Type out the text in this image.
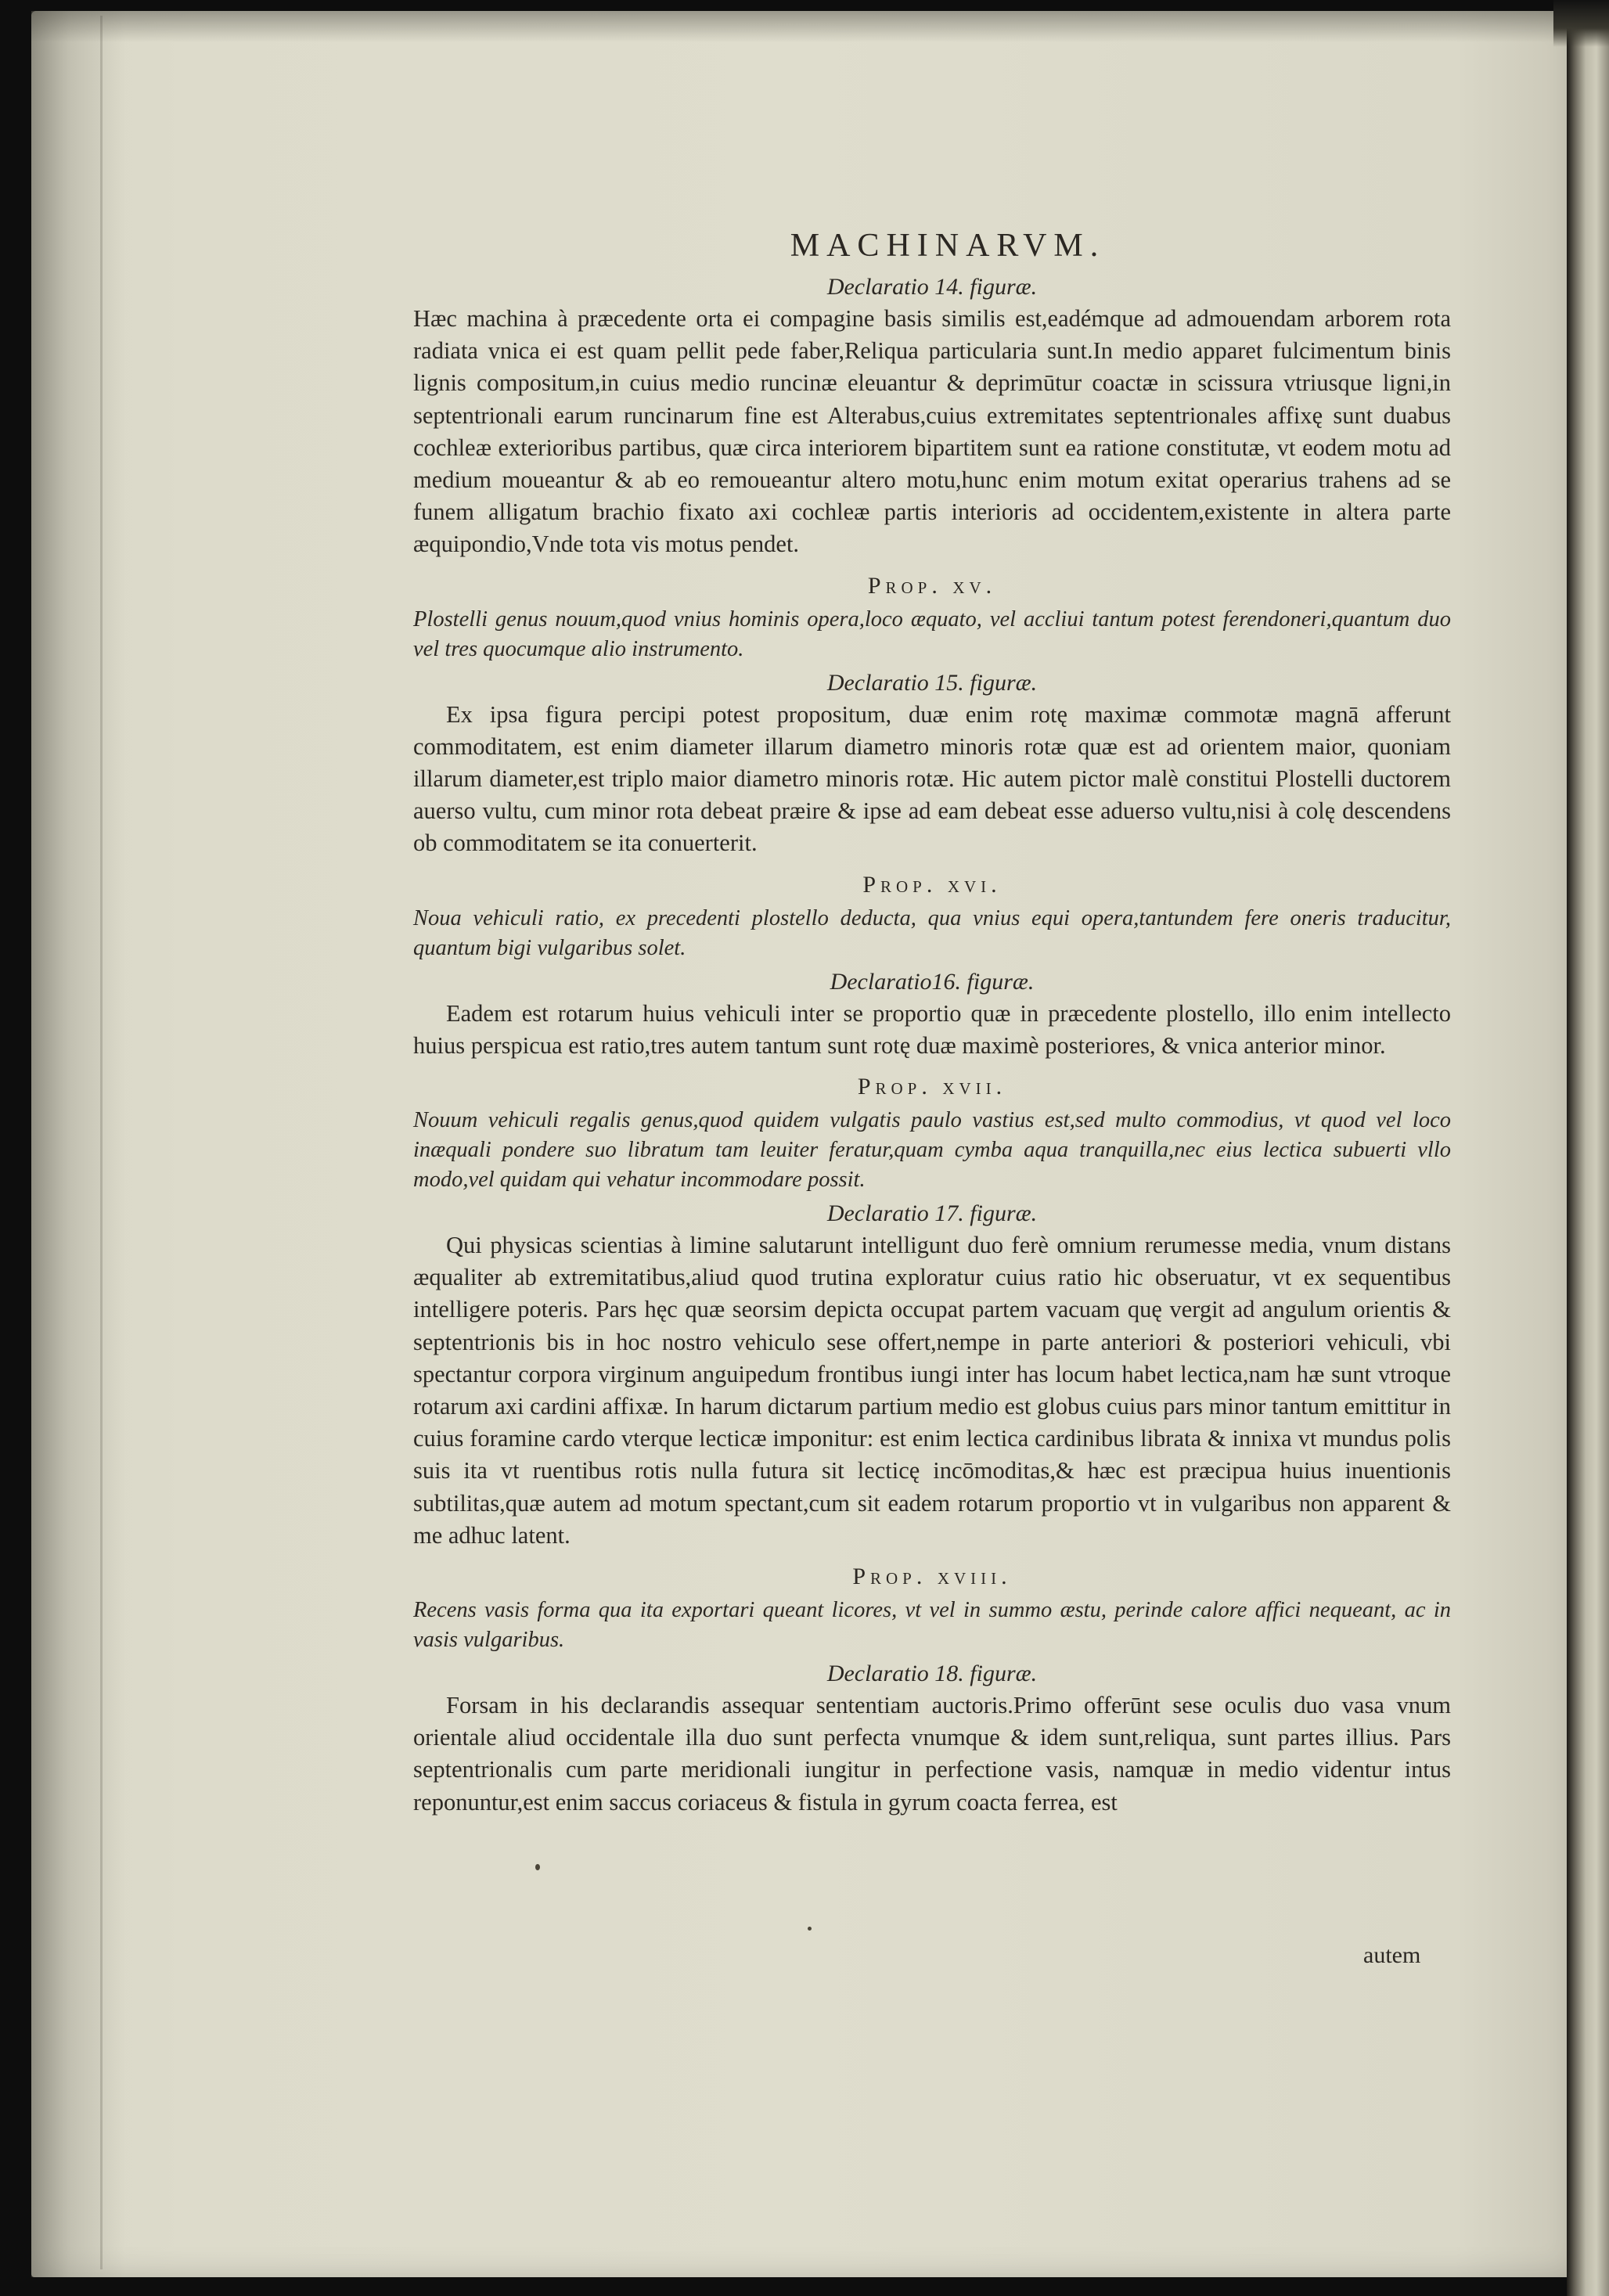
MACHINARVM.

Declaratio 14. figuræ.

Hæc machina à præcedente orta ei compagine basis similis est,eadémque ad admouendam arborem rota radiata vnica ei est quam pellit pede faber,Reliqua particularia sunt.In medio apparet fulcimentum binis lignis compositum,in cuius medio runcinæ eleuantur & deprimūtur coactæ in scissura vtriusque ligni,in septentrionali earum runcinarum fine est Alterabus,cuius extremitates septentrionales affixę sunt duabus cochleæ exterioribus partibus, quæ circa interiorem bipartitem sunt ea ratione constitutæ, vt eodem motu ad medium moueantur & ab eo remoueantur altero motu,hunc enim motum exitat operarius trahens ad se funem alligatum brachio fixato axi cochleæ partis interioris ad occidentem,existente in altera parte æquipondio,Vnde tota vis motus pendet.

Prop. xv.

Plostelli genus nouum,quod vnius hominis opera,loco æquato, vel accliui tantum potest ferendoneri,quantum duo vel tres quocumque alio instrumento.

Declaratio 15. figuræ.

Ex ipsa figura percipi potest propositum, duæ enim rotę maximæ commotæ magnā afferunt commoditatem, est enim diameter illarum diametro minoris rotæ quæ est ad orientem maior, quoniam illarum diameter,est triplo maior diametro minoris rotæ. Hic autem pictor malè constitui Plostelli ductorem auerso vultu, cum minor rota debeat præire & ipse ad eam debeat esse aduerso vultu,nisi à colę descendens ob commoditatem se ita conuerterit.

Prop. xvi.

Noua vehiculi ratio, ex precedenti plostello deducta, qua vnius equi opera,tantundem fere oneris traducitur, quantum bigi vulgaribus solet.

Declaratio16. figuræ.

Eadem est rotarum huius vehiculi inter se proportio quæ in præcedente plostello, illo enim intellecto huius perspicua est ratio,tres autem tantum sunt rotę duæ maximè posteriores, & vnica anterior minor.

Prop. xvii.

Nouum vehiculi regalis genus,quod quidem vulgatis paulo vastius est,sed multo commodius, vt quod vel loco inæquali pondere suo libratum tam leuiter feratur,quam cymba aqua tranquilla,nec eius lectica subuerti vllo modo,vel quidam qui vehatur incommodare possit.

Declaratio 17. figuræ.

Qui physicas scientias à limine salutarunt intelligunt duo ferè omnium rerumesse media, vnum distans æqualiter ab extremitatibus,aliud quod trutina exploratur cuius ratio hic obseruatur, vt ex sequentibus intelligere poteris. Pars hęc quæ seorsim depicta occupat partem vacuam quę vergit ad angulum orientis & septentrionis bis in hoc nostro vehiculo sese offert,nempe in parte anteriori & posteriori vehiculi, vbi spectantur corpora virginum anguipedum frontibus iungi inter has locum habet lectica,nam hæ sunt vtroque rotarum axi cardini affixæ. In harum dictarum partium medio est globus cuius pars minor tantum emittitur in cuius foramine cardo vterque lecticæ imponitur: est enim lectica cardinibus librata & innixa vt mundus polis suis ita vt ruentibus rotis nulla futura sit lecticę incōmoditas,& hæc est præcipua huius inuentionis subtilitas,quæ autem ad motum spectant,cum sit eadem rotarum proportio vt in vulgaribus non apparent & me adhuc latent.

Prop. xviii.

Recens vasis forma qua ita exportari queant licores, vt vel in summo æstu, perinde calore affici nequeant, ac in vasis vulgaribus.

Declaratio 18. figuræ.

Forsam in his declarandis assequar sententiam auctoris.Primo offerūnt sese oculis duo vasa vnum orientale aliud occidentale illa duo sunt perfecta vnumque & idem sunt,reliqua, sunt partes illius. Pars septentrionalis cum parte meridionali iungitur in perfectione vasis, namquæ in medio videntur intus reponuntur,est enim saccus coriaceus & fistula in gyrum coacta ferrea, est

autem
